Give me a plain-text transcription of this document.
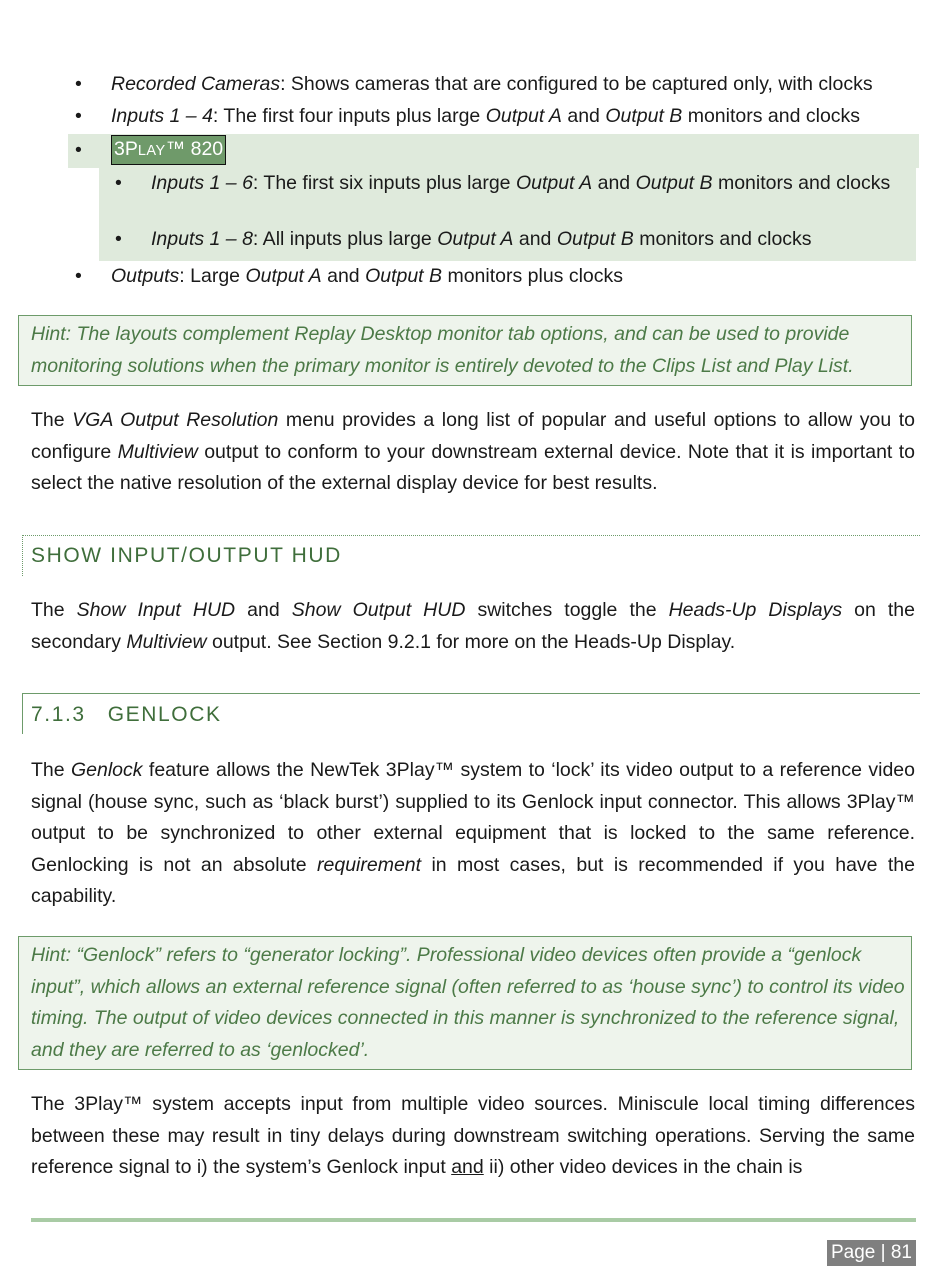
• Recorded Cameras: Shows cameras that are configured to be captured only, with clocks
• Inputs 1 – 4: The first four inputs plus large Output A and Output B monitors and clocks
• 3PLAY™ 820
• Inputs 1 – 6: The first six inputs plus large Output A and Output B monitors and clocks
• Inputs 1 – 8: All inputs plus large Output A and Output B monitors and clocks
• Outputs: Large Output A and Output B monitors plus clocks
Hint: The layouts complement Replay Desktop monitor tab options, and can be used to provide monitoring solutions when the primary monitor is entirely devoted to the Clips List and Play List.
The VGA Output Resolution menu provides a long list of popular and useful options to allow you to configure Multiview output to conform to your downstream external device. Note that it is important to select the native resolution of the external display device for best results.
SHOW INPUT/OUTPUT HUD
The Show Input HUD and Show Output HUD switches toggle the Heads-Up Displays on the secondary Multiview output. See Section 9.2.1 for more on the Heads-Up Display.
7.1.3 GENLOCK
The Genlock feature allows the NewTek 3Play™ system to ‘lock’ its video output to a reference video signal (house sync, such as ‘black burst’) supplied to its Genlock input connector. This allows 3Play™ output to be synchronized to other external equipment that is locked to the same reference. Genlocking is not an absolute requirement in most cases, but is recommended if you have the capability.
Hint: “Genlock” refers to “generator locking”. Professional video devices often provide a “genlock input”, which allows an external reference signal (often referred to as ‘house sync’) to control its video timing. The output of video devices connected in this manner is synchronized to the reference signal, and they are referred to as ‘genlocked’.
The 3Play™ system accepts input from multiple video sources. Miniscule local timing differences between these may result in tiny delays during downstream switching operations. Serving the same reference signal to i) the system’s Genlock input and ii) other video devices in the chain is
Page | 81
